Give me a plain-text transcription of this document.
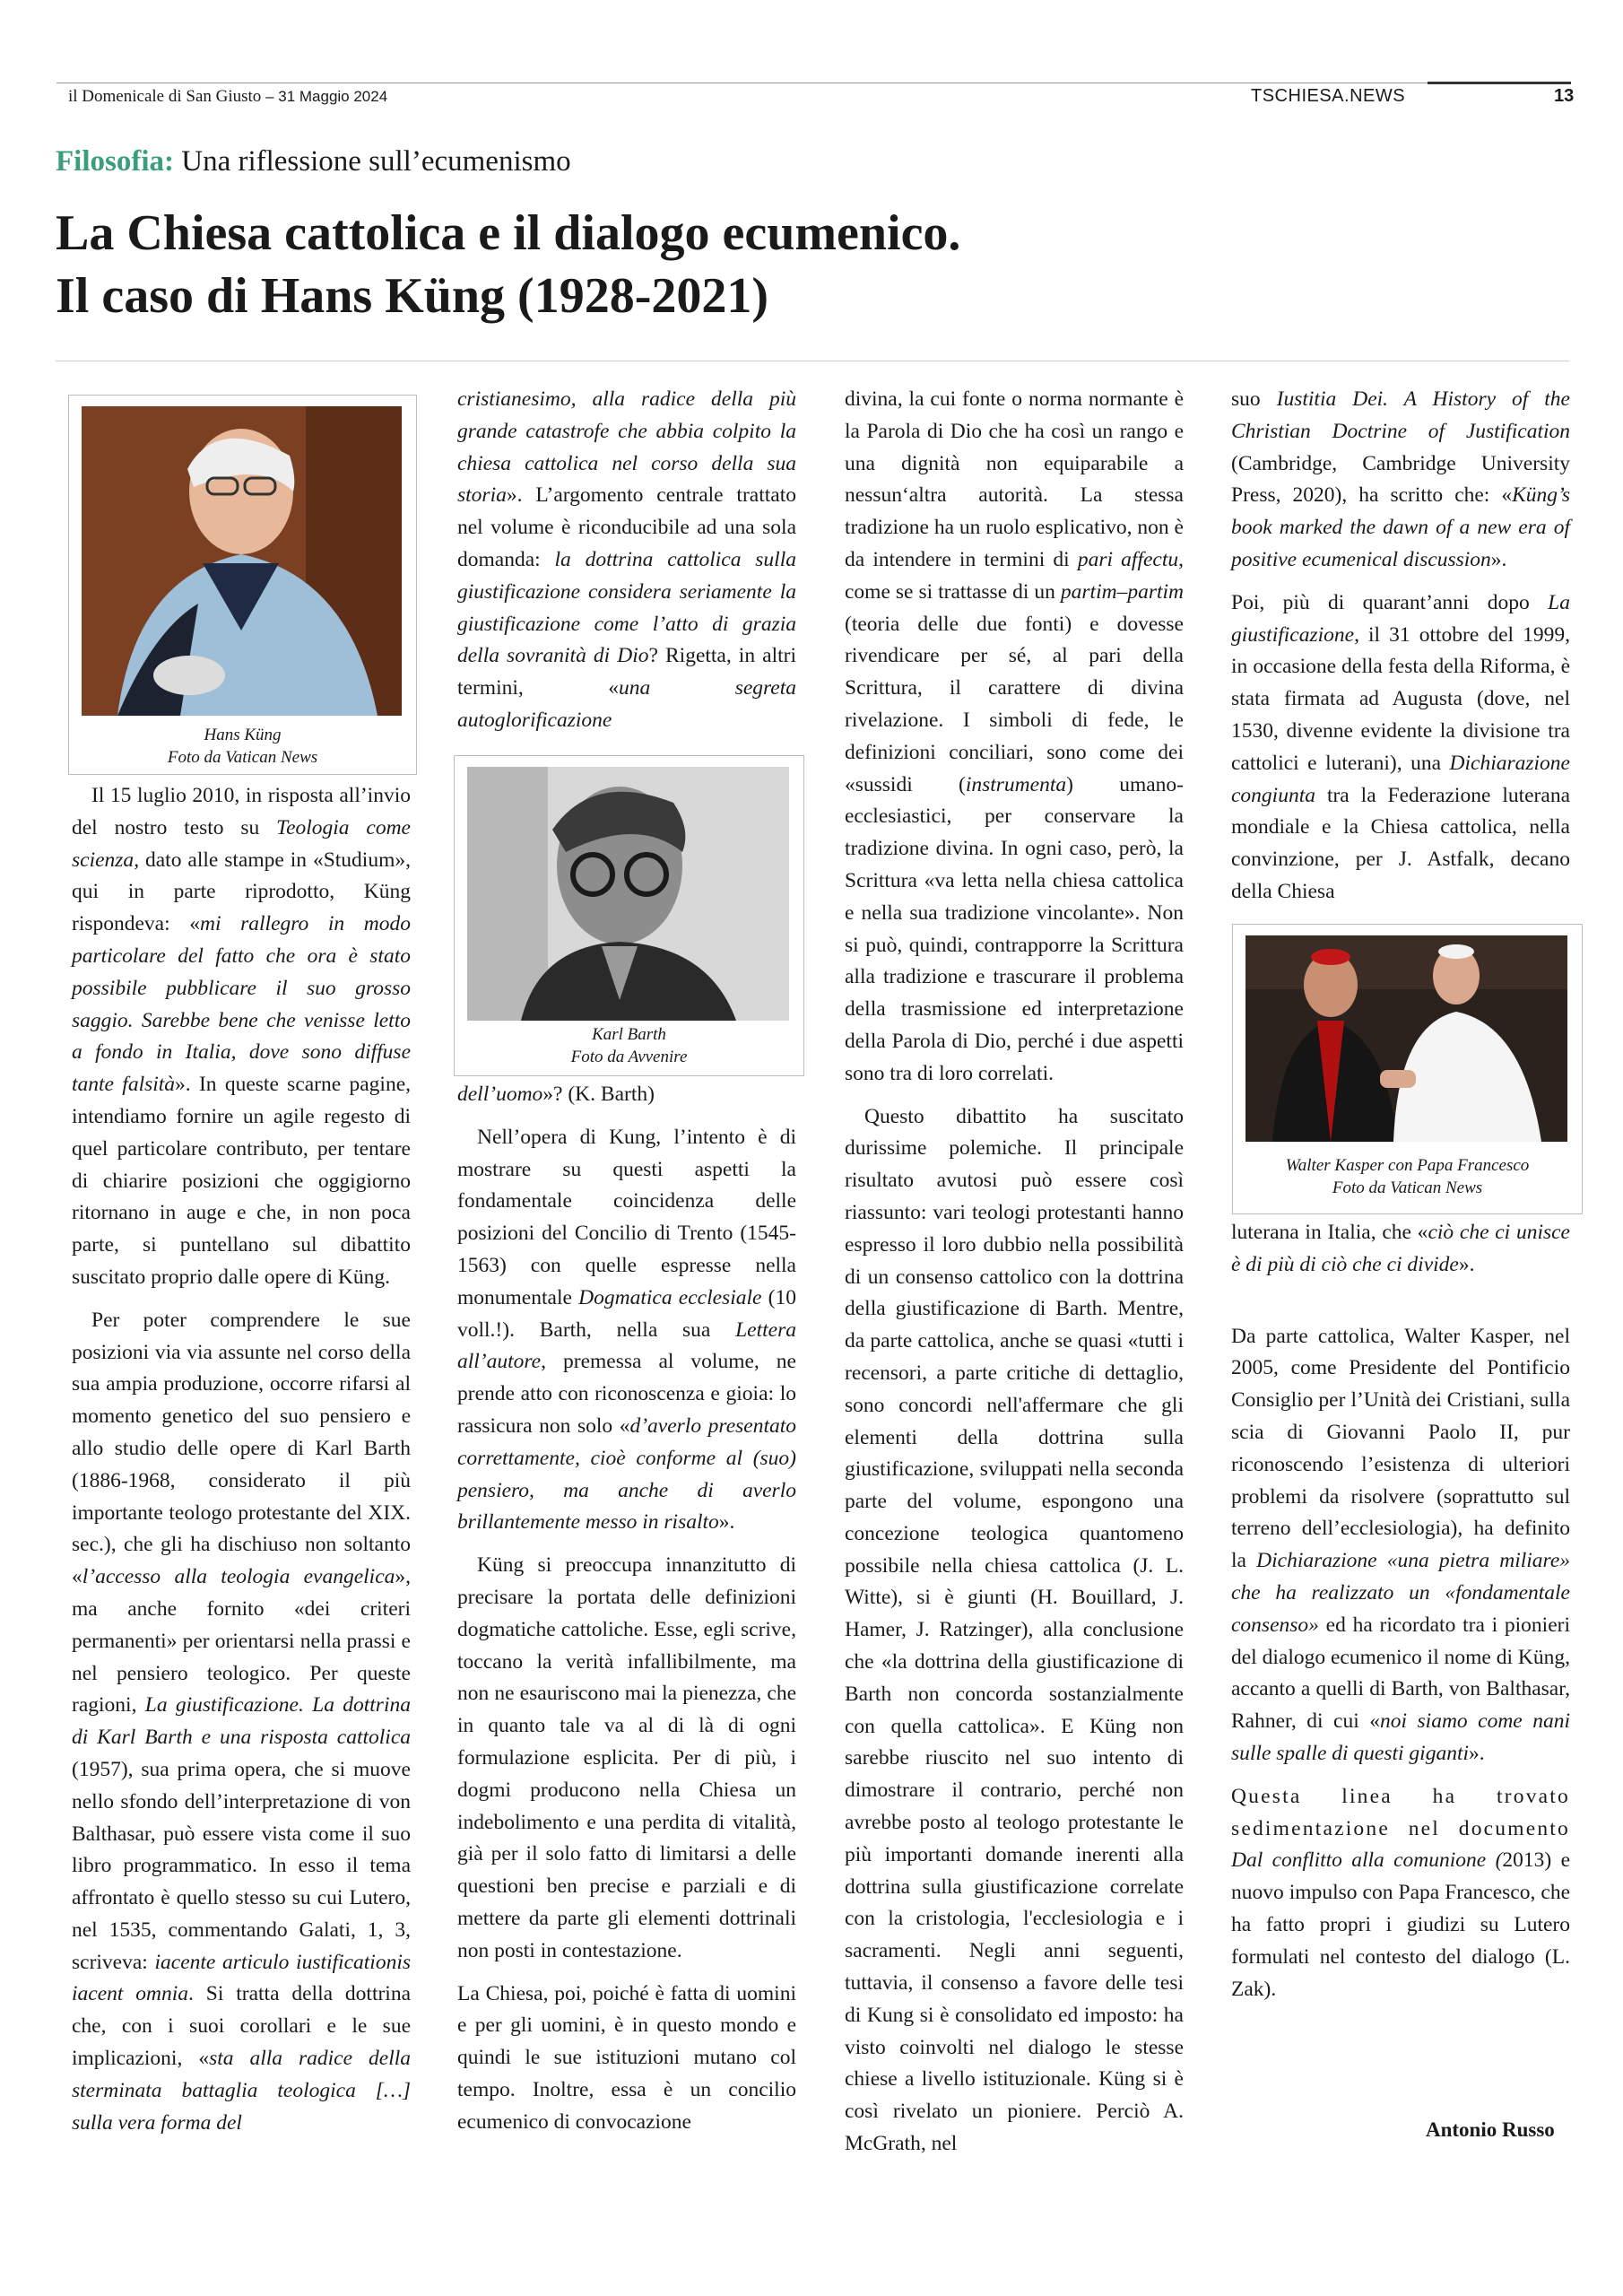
il Domenicale di San Giusto – 31 Maggio 2024	TSCHIESA.NEWS	13
Filosofia: Una riflessione sull’ecumenismo
La Chiesa cattolica e il dialogo ecumenico.
Il caso di Hans Küng (1928-2021)
Hans Küng
Foto da Vatican News
Karl Barth
Foto da Avvenire
Walter Kasper con Papa Francesco
Foto da Vatican News

Il 15 luglio 2010, in risposta all’invio del nostro testo su Teologia come scienza, dato alle stampe in «Studium», qui in parte riprodotto, Küng rispondeva: «mi rallegro in modo particolare del fatto che ora è stato possibile pubblicare il suo grosso saggio. Sarebbe bene che venisse letto a fondo in Italia, dove sono diffuse tante falsità». In queste scarne pagine, intendiamo fornire un agile regesto di quel particolare contributo, per tentare di chiarire posizioni che oggigiorno ritornano in auge e che, in non poca parte, si puntellano sul dibattito suscitato proprio dalle opere di Küng.

Per poter comprendere le sue posizioni via via assunte nel corso della sua ampia produzione, occorre rifarsi al momento genetico del suo pensiero e allo studio delle opere di Karl Barth (1886-1968, considerato il più importante teologo protestante del XIX. sec.), che gli ha dischiuso non soltanto «l’accesso alla teologia evangelica», ma anche fornito «dei criteri permanenti» per orientarsi nella prassi e nel pensiero teologico. Per queste ragioni, La giustificazione. La dottrina di Karl Barth e una risposta cattolica (1957), sua prima opera, che si muove nello sfondo dell’interpretazione di von Balthasar, può essere vista come il suo libro programmatico. In esso il tema affrontato è quello stesso su cui Lutero, nel 1535, commentando Galati, 1, 3, scriveva: iacente articulo iustificationis iacent omnia. Si tratta della dottrina che, con i suoi corollari e le sue implicazioni, «sta alla radice della sterminata battaglia teologica […] sulla vera forma del

cristianesimo, alla radice della più grande catastrofe che abbia colpito la chiesa cattolica nel corso della sua storia». L’argomento centrale trattato nel volume è riconducibile ad una sola domanda: la dottrina cattolica sulla giustificazione considera seriamente la giustificazione come l’atto di grazia della sovranità di Dio? Rigetta, in altri termini, «una segreta autoglorificazione

dell’uomo»? (K. Barth)

Nell’opera di Kung, l’intento è di mostrare su questi aspetti la fondamentale coincidenza delle posizioni del Concilio di Trento (1545-1563) con quelle espresse nella monumentale Dogmatica ecclesiale (10 voll.!). Barth, nella sua Lettera all’autore, premessa al volume, ne prende atto con riconoscenza e gioia: lo rassicura non solo «d’averlo presentato correttamente, cioè conforme al (suo) pensiero, ma anche di averlo brillantemente messo in risalto».

Küng si preoccupa innanzitutto di precisare la portata delle definizioni dogmatiche cattoliche. Esse, egli scrive, toccano la verità infallibilmente, ma non ne esauriscono mai la pienezza, che in quanto tale va al di là di ogni formulazione esplicita. Per di più, i dogmi producono nella Chiesa un indebolimento e una perdita di vitalità, già per il solo fatto di limitarsi a delle questioni ben precise e parziali e di mettere da parte gli elementi dottrinali non posti in contestazione.

La Chiesa, poi, poiché è fatta di uomini e per gli uomini, è in questo mondo e quindi le sue istituzioni mutano col tempo. Inoltre, essa è un concilio ecumenico di convocazione

divina, la cui fonte o norma normante è la Parola di Dio che ha così un rango e una dignità non equiparabile a nessun‘altra autorità. La stessa tradizione ha un ruolo esplicativo, non è da intendere in termini di pari affectu, come se si trattasse di un partim–partim (teoria delle due fonti) e dovesse rivendicare per sé, al pari della Scrittura, il carattere di divina rivelazione. I simboli di fede, le definizioni conciliari, sono come dei «sussidi (instrumenta) umano-ecclesiastici, per conservare la tradizione divina. In ogni caso, però, la Scrittura «va letta nella chiesa cattolica e nella sua tradizione vincolante». Non si può, quindi, contrapporre la Scrittura alla tradizione e trascurare il problema della trasmissione ed interpretazione della Parola di Dio, perché i due aspetti sono tra di loro correlati.

Questo dibattito ha suscitato durissime polemiche. Il principale risultato avutosi può essere così riassunto: vari teologi protestanti hanno espresso il loro dubbio nella possibilità di un consenso cattolico con la dottrina della giustificazione di Barth. Mentre, da parte cattolica, anche se quasi «tutti i recensori, a parte critiche di dettaglio, sono concordi nell'affermare che gli elementi della dottrina sulla giustificazione, sviluppati nella seconda parte del volume, espongono una concezione teologica quantomeno possibile nella chiesa cattolica (J. L. Witte), si è giunti (H. Bouillard, J. Hamer, J. Ratzinger), alla conclusione che «la dottrina della giustificazione di Barth non concorda sostanzialmente con quella cattolica». E Küng non sarebbe riuscito nel suo intento di dimostrare il contrario, perché non avrebbe posto al teologo protestante le più importanti domande inerenti alla dottrina sulla giustificazione correlate con la cristologia, l'ecclesiologia e i sacramenti. Negli anni seguenti, tuttavia, il consenso a favore delle tesi di Kung si è consolidato ed imposto: ha visto coinvolti nel dialogo le stesse chiese a livello istituzionale. Küng si è così rivelato un pioniere. Perciò A. McGrath, nel

suo Iustitia Dei. A History of the Christian Doctrine of Justification (Cambridge, Cambridge University Press, 2020), ha scritto che: «Küng’s book marked the dawn of a new era of positive ecumenical discussion».

Poi, più di quarant’anni dopo La giustificazione, il 31 ottobre del 1999, in occasione della festa della Riforma, è stata firmata ad Augusta (dove, nel 1530, divenne evidente la divisione tra cattolici e luterani), una Dichiarazione congiunta tra la Federazione luterana mondiale e la Chiesa cattolica, nella convinzione, per J. Astfalk, decano della Chiesa

luterana in Italia, che «ciò che ci unisce è di più di ciò che ci divide».

Da parte cattolica, Walter Kasper, nel 2005, come Presidente del Pontificio Consiglio per l’Unità dei Cristiani, sulla scia di Giovanni Paolo II, pur riconoscendo l’esistenza di ulteriori problemi da risolvere (soprattutto sul terreno dell’ecclesiologia), ha definito la Dichiarazione «una pietra miliare» che ha realizzato un «fondamentale consenso» ed ha ricordato tra i pionieri del dialogo ecumenico il nome di Küng, accanto a quelli di Barth, von Balthasar, Rahner, di cui «noi siamo come nani sulle spalle di questi giganti».

Questa linea ha trovato sedimentazione nel documento Dal conflitto alla comunione (2013) e nuovo impulso con Papa Francesco, che ha fatto propri i giudizi su Lutero formulati nel contesto del dialogo (L. Zak).

Antonio Russo
